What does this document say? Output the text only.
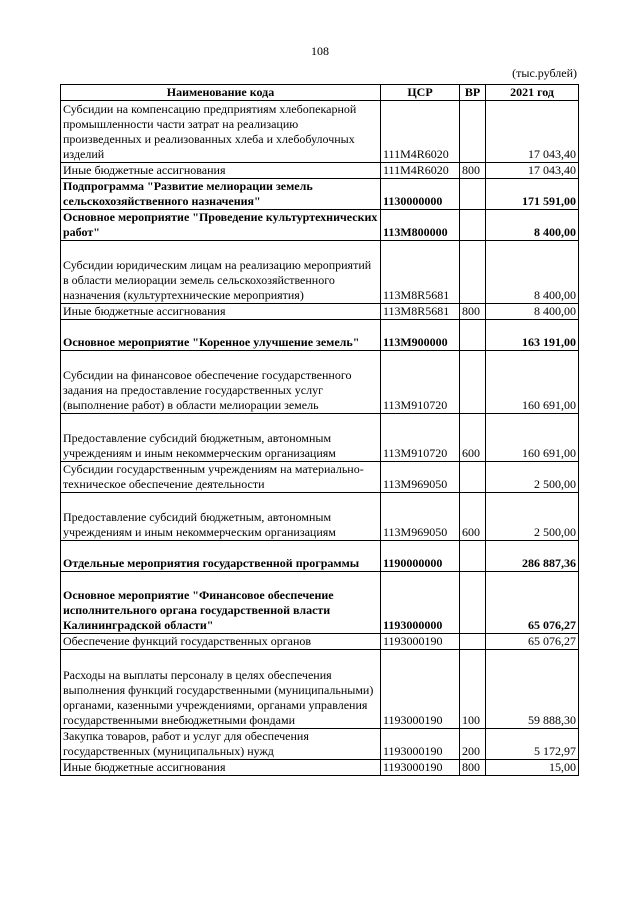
108
(тыс.рублей)
Наименование кода	ЦСР	ВР	2021 год
Субсидии на компенсацию предприятиям хлебопекарной промышленности части затрат на реализацию произведенных и реализованных хлеба и хлебобулочных изделий	111M4R6020		17 043,40
Иные бюджетные ассигнования	111M4R6020	800	17 043,40
Подпрограмма "Развитие мелиорации земель сельскохозяйственного назначения"	1130000000		171 591,00
Основное мероприятие "Проведение культуртехнических работ"	113M800000		8 400,00
Субсидии юридическим лицам на реализацию мероприятий в области мелиорации земель сельскохозяйственного назначения (культуртехнические мероприятия)	113M8R5681		8 400,00
Иные бюджетные ассигнования	113M8R5681	800	8 400,00
Основное мероприятие "Коренное улучшение земель"	113M900000		163 191,00
Субсидии на финансовое обеспечение государственного задания на предоставление государственных услуг (выполнение работ) в области мелиорации земель	113M910720		160 691,00
Предоставление субсидий бюджетным, автономным учреждениям и иным некоммерческим организациям	113M910720	600	160 691,00
Субсидии государственным учреждениям на материально-техническое обеспечение деятельности	113M969050		2 500,00
Предоставление субсидий бюджетным, автономным учреждениям и иным некоммерческим организациям	113M969050	600	2 500,00
Отдельные мероприятия государственной программы	1190000000		286 887,36
Основное мероприятие "Финансовое обеспечение исполнительного органа государственной власти Калининградской области"	1193000000		65 076,27
Обеспечение функций государственных органов	1193000190		65 076,27
Расходы на выплаты персоналу в целях обеспечения выполнения функций государственными (муниципальными) органами, казенными учреждениями, органами управления государственными внебюджетными фондами	1193000190	100	59 888,30
Закупка товаров, работ и услуг для обеспечения государственных (муниципальных) нужд	1193000190	200	5 172,97
Иные бюджетные ассигнования	1193000190	800	15,00
